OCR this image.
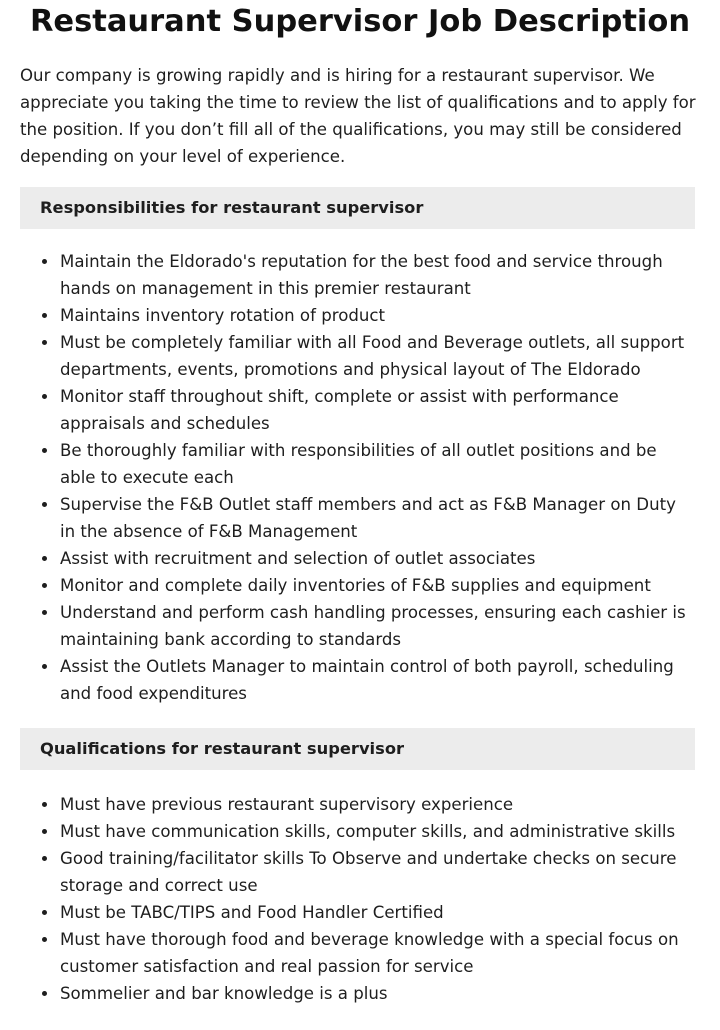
Restaurant Supervisor Job Description

Our company is growing rapidly and is hiring for a restaurant supervisor. We appreciate you taking the time to review the list of qualifications and to apply for the position. If you don’t fill all of the qualifications, you may still be considered depending on your level of experience.

Responsibilities for restaurant supervisor
Maintain the Eldorado's reputation for the best food and service through hands on management in this premier restaurant
Maintains inventory rotation of product
Must be completely familiar with all Food and Beverage outlets, all support departments, events, promotions and physical layout of The Eldorado
Monitor staff throughout shift, complete or assist with performance appraisals and schedules
Be thoroughly familiar with responsibilities of all outlet positions and be able to execute each
Supervise the F&B Outlet staff members and act as F&B Manager on Duty in the absence of F&B Management
Assist with recruitment and selection of outlet associates
Monitor and complete daily inventories of F&B supplies and equipment
Understand and perform cash handling processes, ensuring each cashier is maintaining bank according to standards
Assist the Outlets Manager to maintain control of both payroll, scheduling and food expenditures
Qualifications for restaurant supervisor
Must have previous restaurant supervisory experience
Must have communication skills, computer skills, and administrative skills
Good training/facilitator skills To Observe and undertake checks on secure storage and correct use
Must be TABC/TIPS and Food Handler Certified
Must have thorough food and beverage knowledge with a special focus on customer satisfaction and real passion for service
Sommelier and bar knowledge is a plus
